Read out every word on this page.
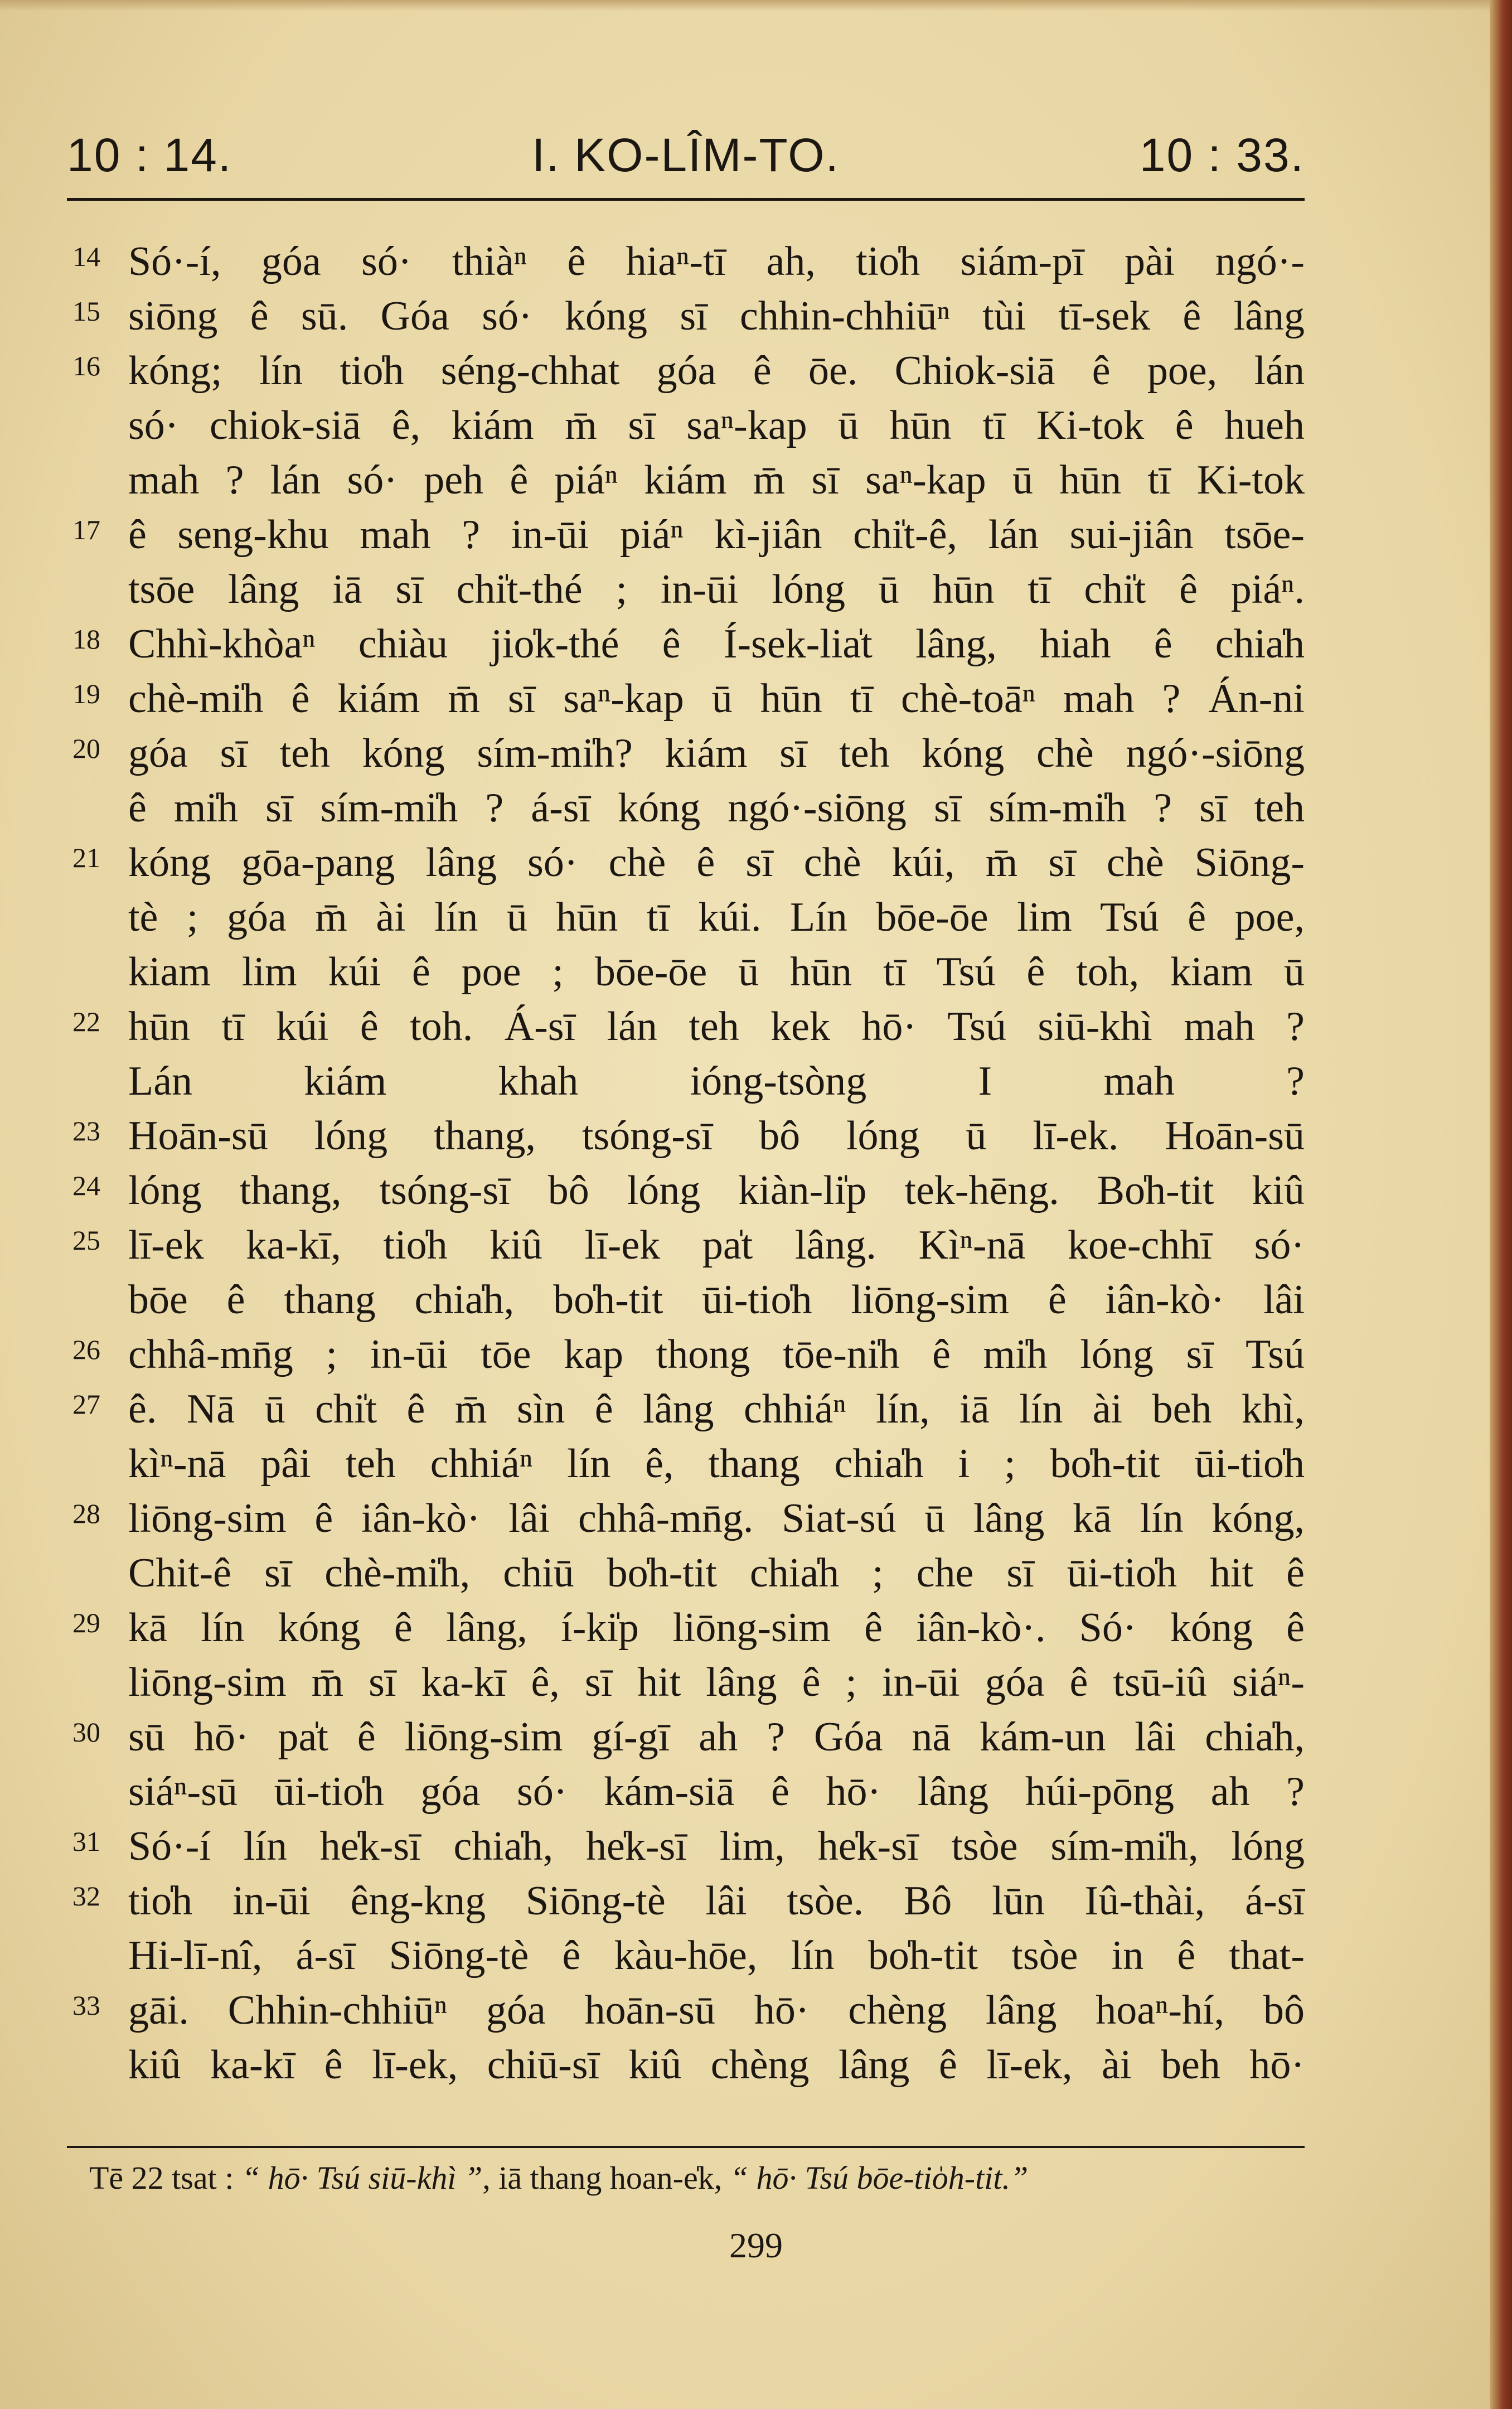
I. KO-LÎM-TO.
10 : 14.	10 : 33.
14 Só·-í, góa só· thiàⁿ ê hiaⁿ-tī ah, tio̍h siám-pī pài ngó·-
15 siōng ê sū. Góa só· kóng sī chhin-chhiūⁿ tùi tī-sek ê lâng
16 kóng; lín tio̍h séng-chhat góa ê ōe. Chiok-siā ê poe, lán
só· chiok-siā ê, kiám m̄ sī saⁿ-kap ū hūn tī Ki-tok ê hueh
mah ? lán só· peh ê piáⁿ kiám m̄ sī saⁿ-kap ū hūn tī Ki-tok
17 ê seng-khu mah ? in-ūi piáⁿ kì-jiân chi̍t-ê, lán sui-jiân tsōe-
tsōe lâng iā sī chi̍t-thé ; in-ūi lóng ū hūn tī chi̍t ê piáⁿ.
18 Chhì-khòaⁿ chiàu jio̍k-thé ê Í-sek-lia̍t lâng, hiah ê chia̍h
19 chè-mi̍h ê kiám m̄ sī saⁿ-kap ū hūn tī chè-toāⁿ mah ? Án-ni
20 góa sī teh kóng sím-mi̍h? kiám sī teh kóng chè ngó·-siōng
ê mi̍h sī sím-mi̍h ? á-sī kóng ngó·-siōng sī sím-mi̍h ? sī teh
21 kóng gōa-pang lâng só· chè ê sī chè kúi, m̄ sī chè Siōng-
tè ; góa m̄ ài lín ū hūn tī kúi. Lín bōe-ōe lim Tsú ê poe,
kiam lim kúi ê poe ; bōe-ōe ū hūn tī Tsú ê toh, kiam ū
22 hūn tī kúi ê toh. Á-sī lán teh kek hō· Tsú siū-khì mah ?
Lán kiám khah ióng-tsòng I mah ?
23 Hoān-sū lóng thang, tsóng-sī bô lóng ū lī-ek. Hoān-sū
24 lóng thang, tsóng-sī bô lóng kiàn-li̍p tek-hēng. Bo̍h-tit kiû
25 lī-ek ka-kī, tio̍h kiû lī-ek pa̍t lâng. Kìⁿ-nā koe-chhī só·
bōe ê thang chia̍h, bo̍h-tit ūi-tio̍h liōng-sim ê iân-kò· lâi
26 chhâ-mn̄g ; in-ūi tōe kap thong tōe-ni̍h ê mi̍h lóng sī Tsú
27 ê. Nā ū chi̍t ê m̄ sìn ê lâng chhiáⁿ lín, iā lín ài beh khì,
kìⁿ-nā pâi teh chhiáⁿ lín ê, thang chia̍h i ; bo̍h-tit ūi-tio̍h
28 liōng-sim ê iân-kò· lâi chhâ-mn̄g. Siat-sú ū lâng kā lín kóng,
Chit-ê sī chè-mi̍h, chiū bo̍h-tit chia̍h ; che sī ūi-tio̍h hit ê
29 kā lín kóng ê lâng, í-ki̍p liōng-sim ê iân-kò·. Só· kóng ê
liōng-sim m̄ sī ka-kī ê, sī hit lâng ê ; in-ūi góa ê tsū-iû siáⁿ-
30 sū hō· pa̍t ê liōng-sim gí-gī ah ? Góa nā kám-un lâi chia̍h,
siáⁿ-sū ūi-tio̍h góa só· kám-siā ê hō· lâng húi-pōng ah ?
31 Só·-í lín he̍k-sī chia̍h, he̍k-sī lim, he̍k-sī tsòe sím-mi̍h, lóng
32 tio̍h in-ūi êng-kng Siōng-tè lâi tsòe. Bô lūn Iû-thài, á-sī
Hi-lī-nî, á-sī Siōng-tè ê kàu-hōe, lín bo̍h-tit tsòe in ê that-
33 gāi. Chhin-chhiūⁿ góa hoān-sū hō· chèng lâng hoaⁿ-hí, bô
kiû ka-kī ê lī-ek, chiū-sī kiû chèng lâng ê lī-ek, ài beh hō·
Tē 22 tsat : “ hō· Tsú siū-khì ”, iā thang hoan-e̍k, “ hō· Tsú bōe-tio̍h-tit.”
299
